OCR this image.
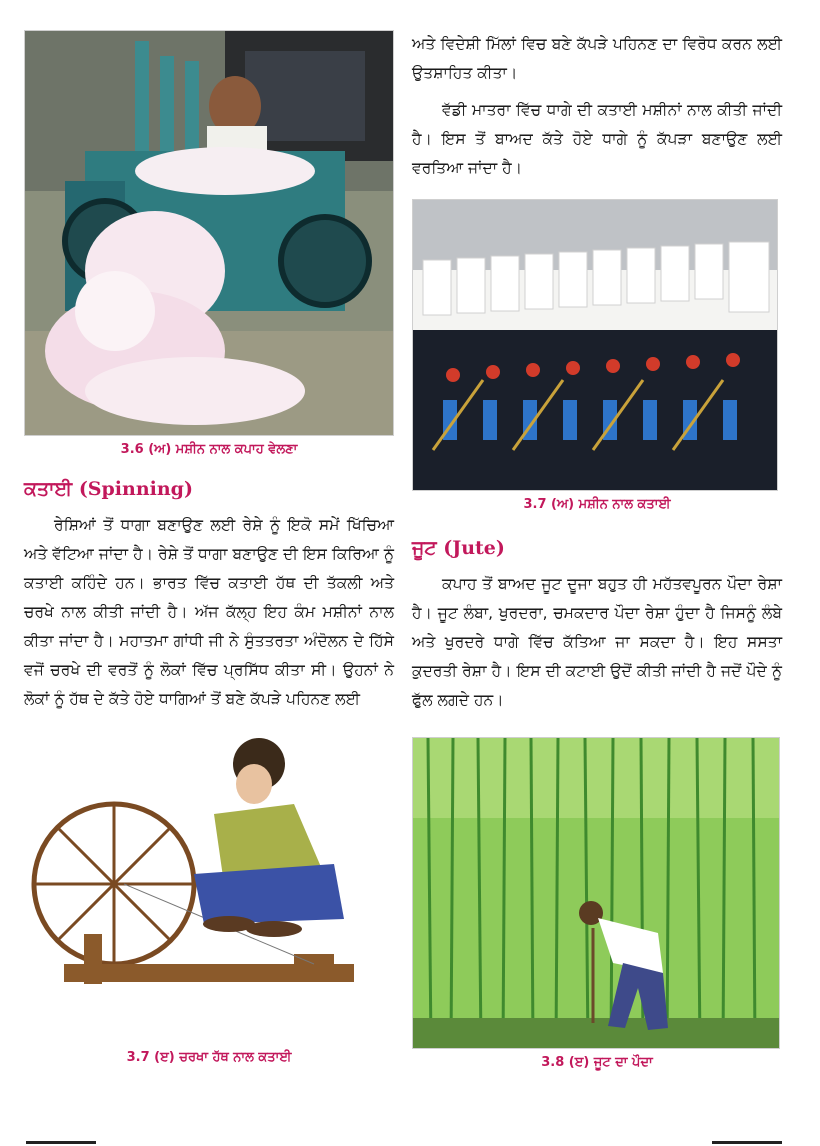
3.6 (ਅ) ਮਸ਼ੀਨ ਨਾਲ ਕਪਾਹ ਵੇਲਣਾ

ਕਤਾਈ (Spinning)

ਰੇਸ਼ਿਆਂ ਤੋਂ ਧਾਗਾ ਬਣਾਉਣ ਲਈ ਰੇਸ਼ੇ ਨੂੰ ਇਕੋ ਸਮੇਂ ਖਿੱਚਿਆ ਅਤੇ ਵੱਟਿਆ ਜਾਂਦਾ ਹੈ। ਰੇਸ਼ੇ ਤੋਂ ਧਾਗਾ ਬਣਾਉਣ ਦੀ ਇਸ ਕਿਰਿਆ ਨੂੰ ਕਤਾਈ ਕਹਿੰਦੇ ਹਨ। ਭਾਰਤ ਵਿੱਚ ਕਤਾਈ ਹੱਥ ਦੀ ਤੱਕਲੀ ਅਤੇ ਚਰਖੇ ਨਾਲ ਕੀਤੀ ਜਾਂਦੀ ਹੈ। ਅੱਜ ਕੱਲ੍ਹ ਇਹ ਕੰਮ ਮਸ਼ੀਨਾਂ ਨਾਲ ਕੀਤਾ ਜਾਂਦਾ ਹੈ। ਮਹਾਤਮਾ ਗਾਂਧੀ ਜੀ ਨੇ ਸੁੰਤਤਰਤਾ ਅੰਦੋਲਨ ਦੇ ਹਿੱਸੇ ਵਜੋਂ ਚਰਖੇ ਦੀ ਵਰਤੋਂ ਨੂੰ ਲੋਕਾਂ ਵਿੱਚ ਪ੍ਰਸਿੱਧ ਕੀਤਾ ਸੀ। ਉਹਨਾਂ ਨੇ ਲੋਕਾਂ ਨੂੰ ਹੱਥ ਦੇ ਕੱਤੇ ਹੋਏ ਧਾਗਿਆਂ ਤੋਂ ਬਣੇ ਕੱਪੜੇ ਪਹਿਨਣ ਲਈ

3.7 (ੲ) ਚਰਖਾ ਹੱਥ ਨਾਲ ਕਤਾਈ

ਅਤੇ ਵਿਦੇਸ਼ੀ ਮਿੱਲਾਂ ਵਿਚ ਬਣੇ ਕੱਪੜੇ ਪਹਿਨਣ ਦਾ ਵਿਰੋਧ ਕਰਨ ਲਈ ਉਤਸ਼ਾਹਿਤ ਕੀਤਾ।

ਵੱਡੀ ਮਾਤਰਾ ਵਿੱਚ ਧਾਗੇ ਦੀ ਕਤਾਈ ਮਸ਼ੀਨਾਂ ਨਾਲ ਕੀਤੀ ਜਾਂਦੀ ਹੈ। ਇਸ ਤੋਂ ਬਾਅਦ ਕੱਤੇ ਹੋਏ ਧਾਗੇ ਨੂੰ ਕੱਪੜਾ ਬਣਾਉਣ ਲਈ ਵਰਤਿਆ ਜਾਂਦਾ ਹੈ।

3.7 (ਅ) ਮਸ਼ੀਨ ਨਾਲ ਕਤਾਈ

ਜੂਟ (Jute)

ਕਪਾਹ ਤੋਂ ਬਾਅਦ ਜੂਟ ਦੂਜਾ ਬਹੁਤ ਹੀ ਮਹੱਤਵਪੂਰਨ ਪੌਦਾ ਰੇਸ਼ਾ ਹੈ। ਜੂਟ ਲੰਬਾ, ਖੁਰਦਰਾ, ਚਮਕਦਾਰ ਪੌਦਾ ਰੇਸ਼ਾ ਹੁੰਦਾ ਹੈ ਜਿਸਨੂੰ ਲੰਬੇ ਅਤੇ ਖੁਰਦਰੇ ਧਾਗੇ ਵਿੱਚ ਕੱਤਿਆ ਜਾ ਸਕਦਾ ਹੈ। ਇਹ ਸਸਤਾ ਕੁਦਰਤੀ ਰੇਸ਼ਾ ਹੈ। ਇਸ ਦੀ ਕਟਾਈ ਉਦੋਂ ਕੀਤੀ ਜਾਂਦੀ ਹੈ ਜਦੋਂ ਪੌਦੇ ਨੂੰ ਫੁੱਲ ਲਗਦੇ ਹਨ।

3.8 (ੲ) ਜੂਟ ਦਾ ਪੌਦਾ
